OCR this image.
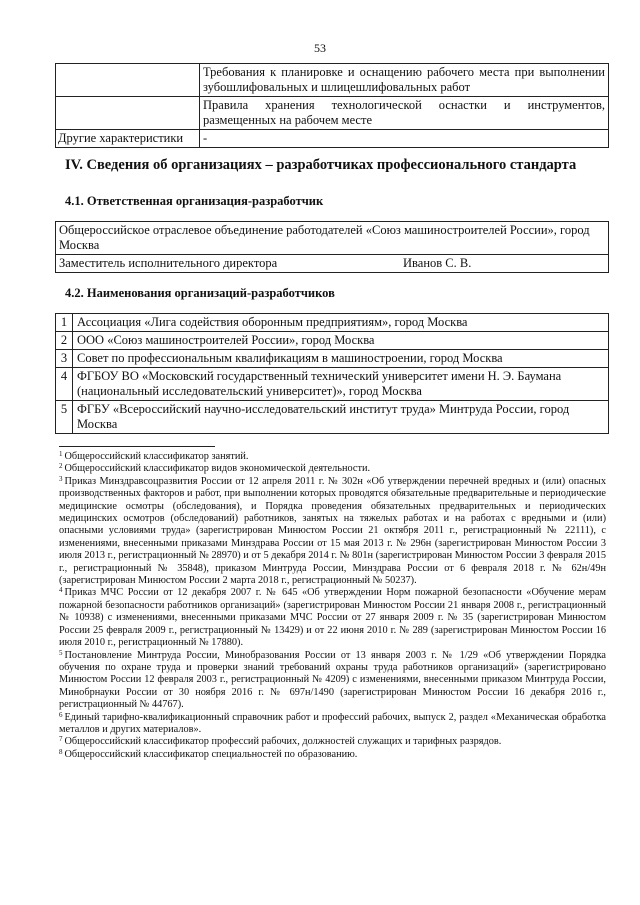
53
	Требования к планировке и оснащению рабочего места при выполнении зубошлифовальных и шлицешлифовальных работ
	Правила хранения технологической оснастки и инструментов, размещенных на рабочем месте
Другие характеристики	-
IV. Сведения об организациях – разработчиках профессионального стандарта
4.1. Ответственная организация-разработчик
Общероссийское отраслевое объединение работодателей «Союз машиностроителей России», город Москва

Заместитель исполнительного директора	Иванов С. В.
4.2. Наименования организаций-разработчиков
1	Ассоциация «Лига содействия оборонным предприятиям», город Москва
2	ООО «Союз машиностроителей России», город Москва
3	Совет по профессиональным квалификациям в машиностроении, город Москва
4	ФГБОУ ВО «Московский государственный технический университет имени Н. Э. Баумана (национальный исследовательский университет)», город Москва
5	ФГБУ «Всероссийский научно-исследовательский институт труда» Минтруда России, город Москва

$^1$ Общероссийский классификатор занятий.

$^2$ Общероссийский классификатор видов экономической деятельности.

$^3$ Приказ Минздравсоцразвития России от 12 апреля 2011 г. № 302н «Об утверждении перечней вредных и (или) опасных производственных факторов и работ, при выполнении которых проводятся обязательные предварительные и периодические медицинские осмотры (обследования), и Порядка проведения обязательных предварительных и периодических медицинских осмотров (обследований) работников, занятых на тяжелых работах и на работах с вредными и (или) опасными условиями труда» (зарегистрирован Минюстом России 21 октября 2011 г., регистрационный № 22111), с изменениями, внесенными приказами Минздрава России от 15 мая 2013 г. № 296н (зарегистрирован Минюстом России 3 июля 2013 г., регистрационный № 28970) и от 5 декабря 2014 г. № 801н (зарегистрирован Минюстом России 3 февраля 2015 г., регистрационный № 35848), приказом Минтруда России, Минздрава России от 6 февраля 2018 г. № 62н/49н (зарегистрирован Минюстом России 2 марта 2018 г., регистрационный № 50237).

$^4$ Приказ МЧС России от 12 декабря 2007 г. № 645 «Об утверждении Норм пожарной безопасности «Обучение мерам пожарной безопасности работников организаций» (зарегистрирован Минюстом России 21 января 2008 г., регистрационный № 10938) с изменениями, внесенными приказами МЧС России от 27 января 2009 г. № 35 (зарегистрирован Минюстом России 25 февраля 2009 г., регистрационный № 13429) и от 22 июня 2010 г. № 289 (зарегистрирован Минюстом России 16 июля 2010 г., регистрационный № 17880).

$^5$ Постановление Минтруда России, Минобразования России от 13 января 2003 г. № 1/29 «Об утверждении Порядка обучения по охране труда и проверки знаний требований охраны труда работников организаций» (зарегистрировано Минюстом России 12 февраля 2003 г., регистрационный № 4209) с изменениями, внесенными приказом Минтруда России, Минобрнауки России от 30 ноября 2016 г. № 697н/1490 (зарегистрирован Минюстом России 16 декабря 2016 г., регистрационный № 44767).

$^6$ Единый тарифно-квалификационный справочник работ и профессий рабочих, выпуск 2, раздел «Механическая обработка металлов и других материалов».

$^7$ Общероссийский классификатор профессий рабочих, должностей служащих и тарифных разрядов.

$^8$ Общероссийский классификатор специальностей по образованию.
